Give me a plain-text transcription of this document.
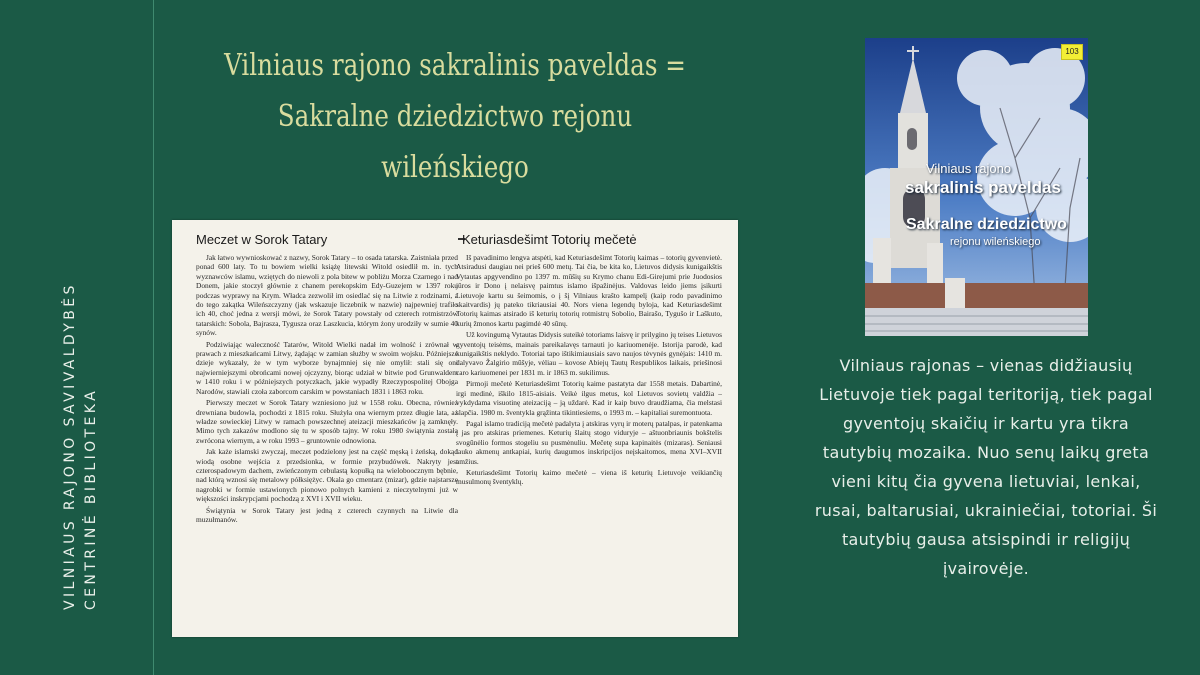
VILNIAUS RAJONO SAVIVALDYBĖS CENTRINĖ BIBLIOTEKA
Vilniaus rajono sakralinis paveldas = Sakralne dziedzictwo rejonu wileńskiego
Meczet w Sorok Tatary

Jak łatwo wywnioskować z nazwy, Sorok Tatary – to osada tatarska. Zaistniała przed ponad 600 laty. To tu bowiem wielki książę litewski Witold osiedlił m. in. tych wyznawców islamu, wziętych do niewoli z pola bitew w pobliżu Morza Czarnego i nad Donem, jakie stoczył głównie z chanem perekopskim Edy-Guzejem w 1397 roku podczas wyprawy na Krym. Władca zezwolił im osiedlać się na Litwie z rodzinami, a do tego zakątka Wileńszczyzny (jak wskazuje liczebnik w nazwie) najpewniej trafiło ich 40, choć jedna z wersji mówi, że Sorok Tatary powstały od czterech rotmistrzów tatarskich: Sobola, Bajrasza, Tygusza oraz Laszkucia, którym żony urodziły w sumie 40 synów.

Podziwiając waleczność Tatarów, Witold Wielki nadał im wolność i zrównał w prawach z mieszkańcami Litwy, żądając w zamian służby w swoim wojsku. Późniejsze dzieje wykazały, że w tym wyborze bynajmniej się nie omylił: stali się oni najwierniejszymi obrońcami nowej ojczyzny, biorąc udział w bitwie pod Grunwaldem w 1410 roku i w późniejszych potyczkach, jakie wypadły Rzeczypospolitej Obojga Narodów, stawiali czoła zaborcom carskim w powstaniach 1831 i 1863 roku.

Pierwszy meczet w Sorok Tatary wzniesiono już w 1558 roku. Obecna, również drewniana budowla, pochodzi z 1815 roku. Służyła ona wiernym przez długie lata, aż władze sowieckiej Litwy w ramach powszechnej ateizacji mieszkańców ją zamknęły. Mimo tych zakazów modlono się tu w sposób tajny. W roku 1980 świątynia została zwrócona wiernym, a w roku 1993 – gruntownie odnowiona.

Jak każe islamski zwyczaj, meczet podzielony jest na część męską i żeńską, dokąd wiodą osobne wejścia z przedsionka, w formie przybudówek. Nakryty jest czterospadowym dachem, zwieńczonym cebulastą kopułką na wieloboocznym bębnie, nad którą wznosi się metalowy półksiężyc. Okala go cmentarz (mizar), gdzie najstarsze nagrobki w formie ustawionych pionowo polnych kamieni z nieczytelnymi już w większości inskrypcjami pochodzą z XVI i XVII wieku.

Świątynia w Sorok Tatary jest jedną z czterech czynnych na Litwie dla muzułmanów.

Keturiasdešimt Totorių mečetė

Iš pavadinimo lengva atspėti, kad Keturiasdešimt Totorių kaimas – totorių gyvenvietė. Atsiradusi daugiau nei prieš 600 metų. Tai čia, be kita ko, Lietuvos didysis kunigaikštis Vytautas apgyvendino po 1397 m. mūšių su Krymo chanu Edi-Girejumi prie Juodosios jūros ir Dono į nelaisvę paimtus islamo išpažinėjus. Valdovas leido jiems įsikurti Lietuvoje kartu su šeimomis, o į šį Vilniaus krašto kampelį (kaip rodo pavadinimo skaitvardis) jų pateko tikriausiai 40. Nors viena legendų byloja, kad Keturiasdešimt Totorių kaimas atsirado iš keturių totorių rotmistrų Sobolio, Bairašo, Tygušo ir Laškuto, kurių žmonos kartu pagimdė 40 sūnų.

Už kovingumą Vytautas Didysis suteikė totoriams laisvę ir prilygino jų teises Lietuvos gyventojų teisėms, mainais pareikalavęs tarnauti jo kariuomenėje. Istorija parodė, kad kunigaikštis neklydo. Totoriai tapo ištikimiausiais savo naujos tėvynės gynėjais: 1410 m. dalyvavo Žalgirio mūšyje, vėliau – kovose Abiejų Tautų Respublikos laikais, priešinosi caro kariuomenei per 1831 m. ir 1863 m. sukilimus.

Pirmoji mečetė Keturiasdešimt Totorių kaime pastatyta dar 1558 metais. Dabartinė, irgi medinė, iškilo 1815-aisiais. Veikė ilgus metus, kol Lietuvos sovietų valdžia – vykdydama visuotinę ateizaciją – ją uždarė. Kad ir kaip buvo draudžiama, čia melstasi slapčia. 1980 m. šventykla grąžinta tikintiesiems, o 1993 m. – kapitaliai suremontuota.

Pagal islamo tradiciją mečetė padalyta į atskiras vyrų ir moterų patalpas, ir patenkama į jas pro atskiras priemenes. Keturių šlaitų stogo viduryje – aštuonbriaunis bokštelis svogūnėlio formos stogeliu su pusmėnuliu. Mečetę supa kapinaitės (mizaras). Seniausi lauko akmenų antkapiai, kurių daugumos inskripcijos neįskaitomos, mena XVI–XVII amžius.

Keturiasdešimt Totorių kaimo mečetė – viena iš keturių Lietuvoje veikiančių musulmonų šventyklų.

103
Vilniaus rajono
sakralinis paveldas
Sakralne dziedzictwo
rejonu wileńskiego
Vilniaus rajonas – vienas didžiausių Lietuvoje tiek pagal teritoriją, tiek pagal gyventojų skaičių ir kartu yra tikra tautybių mozaika. Nuo senų laikų greta vieni kitų čia gyvena lietuviai, lenkai, rusai, baltarusiai, ukrainiečiai, totoriai. Ši tautybių gausa atsispindi ir religijų įvairovėje.
